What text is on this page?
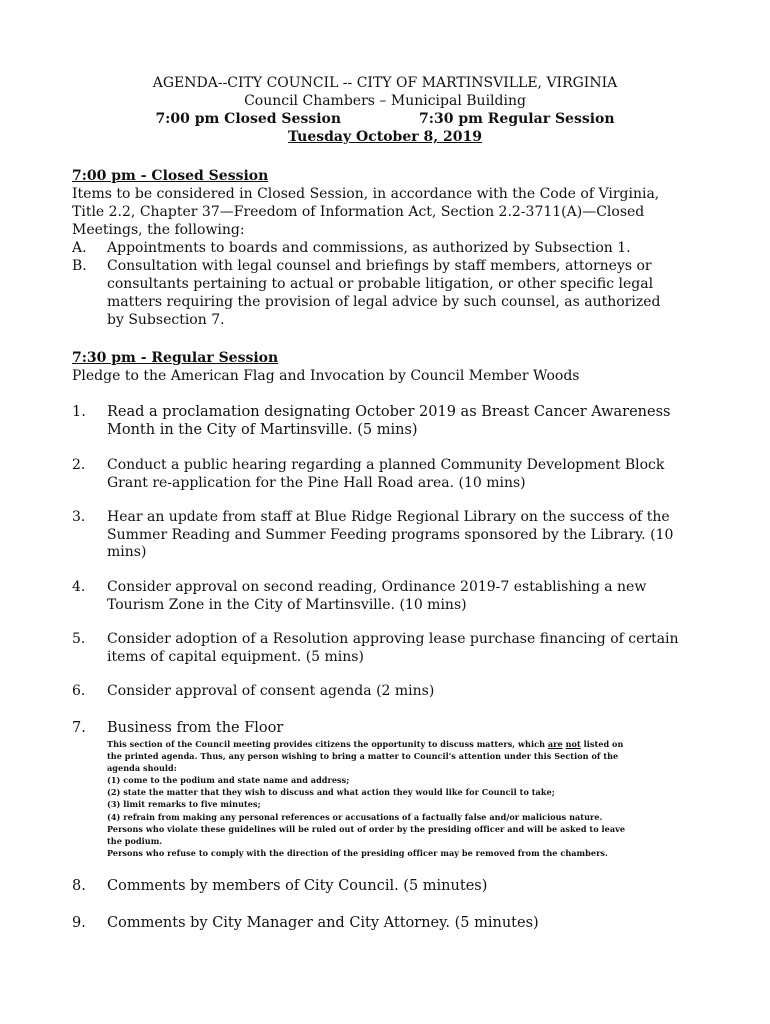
AGENDA--CITY COUNCIL -- CITY OF MARTINSVILLE, VIRGINIA
Council Chambers – Municipal Building
7:00 pm Closed Session	7:30 pm Regular Session
Tuesday October 8, 2019
7:00 pm - Closed Session
Items to be considered in Closed Session, in accordance with the Code of Virginia,
Title 2.2, Chapter 37—Freedom of Information Act, Section 2.2-3711(A)—Closed
Meetings, the following:
A. Appointments to boards and commissions, as authorized by Subsection 1.
B. Consultation with legal counsel and briefings by staff members, attorneys or
consultants pertaining to actual or probable litigation, or other specific legal
matters requiring the provision of legal advice by such counsel, as authorized
by Subsection 7.
7:30 pm - Regular Session
Pledge to the American Flag and Invocation by Council Member Woods
1. Read a proclamation designating October 2019 as Breast Cancer Awareness
Month in the City of Martinsville. (5 mins)
2. Conduct a public hearing regarding a planned Community Development Block
Grant re-application for the Pine Hall Road area. (10 mins)
3. Hear an update from staff at Blue Ridge Regional Library on the success of the
Summer Reading and Summer Feeding programs sponsored by the Library. (10
mins)
4. Consider approval on second reading, Ordinance 2019-7 establishing a new
Tourism Zone in the City of Martinsville. (10 mins)
5. Consider adoption of a Resolution approving lease purchase financing of certain
items of capital equipment. (5 mins)
6. Consider approval of consent agenda (2 mins)
7. Business from the Floor
This section of the Council meeting provides citizens the opportunity to discuss matters, which are not listed on
the printed agenda. Thus, any person wishing to bring a matter to Council's attention under this Section of the
agenda should:
(1) come to the podium and state name and address;
(2) state the matter that they wish to discuss and what action they would like for Council to take;
(3) limit remarks to five minutes;
(4) refrain from making any personal references or accusations of a factually false and/or malicious nature.
Persons who violate these guidelines will be ruled out of order by the presiding officer and will be asked to leave
the podium.
Persons who refuse to comply with the direction of the presiding officer may be removed from the chambers.
8. Comments by members of City Council. (5 minutes)
9. Comments by City Manager and City Attorney. (5 minutes)
